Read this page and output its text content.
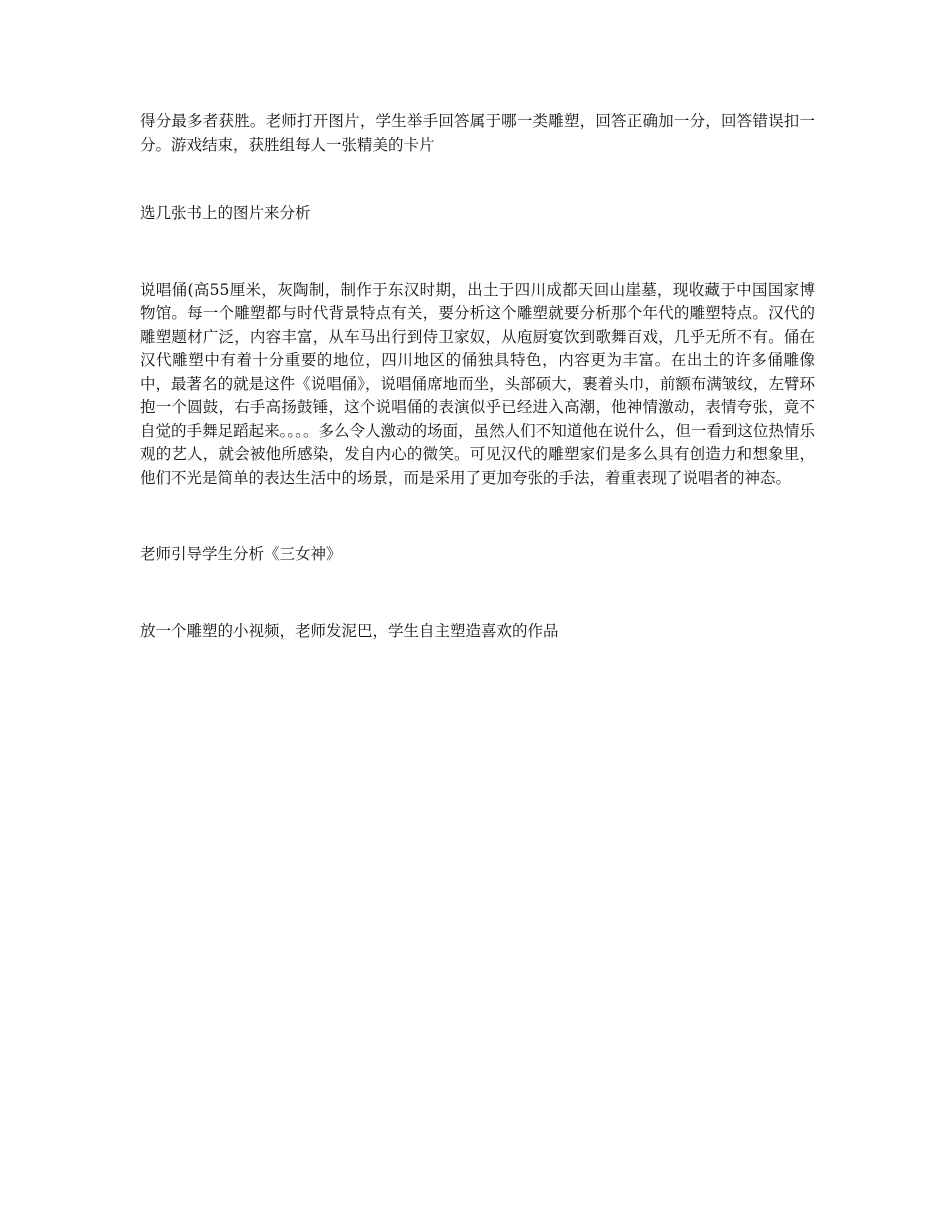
得分最多者获胜。老师打开图片，学生举手回答属于哪一类雕塑，回答正确加一分，回答错误扣一分。游戏结束，获胜组每人一张精美的卡片

选几张书上的图片来分析

说唱俑(高55厘米，灰陶制，制作于东汉时期，出土于四川成都天回山崖墓，现收藏于中国国家博物馆。每一个雕塑都与时代背景特点有关，要分析这个雕塑就要分析那个年代的雕塑特点。汉代的雕塑题材广泛，内容丰富，从车马出行到侍卫家奴，从庖厨宴饮到歌舞百戏，几乎无所不有。俑在汉代雕塑中有着十分重要的地位，四川地区的俑独具特色，内容更为丰富。在出土的许多俑雕像中，最著名的就是这件《说唱俑》，说唱俑席地而坐，头部硕大，裹着头巾，前额布满皱纹，左臂环抱一个圆鼓，右手高扬鼓锤，这个说唱俑的表演似乎已经进入高潮，他神情激动，表情夸张，竟不自觉的手舞足蹈起来。。。。多么令人激动的场面，虽然人们不知道他在说什么，但一看到这位热情乐观的艺人，就会被他所感染，发自内心的微笑。可见汉代的雕塑家们是多么具有创造力和想象里，他们不光是简单的表达生活中的场景，而是采用了更加夸张的手法，着重表现了说唱者的神态。

老师引导学生分析《三女神》

放一个雕塑的小视频，老师发泥巴，学生自主塑造喜欢的作品
